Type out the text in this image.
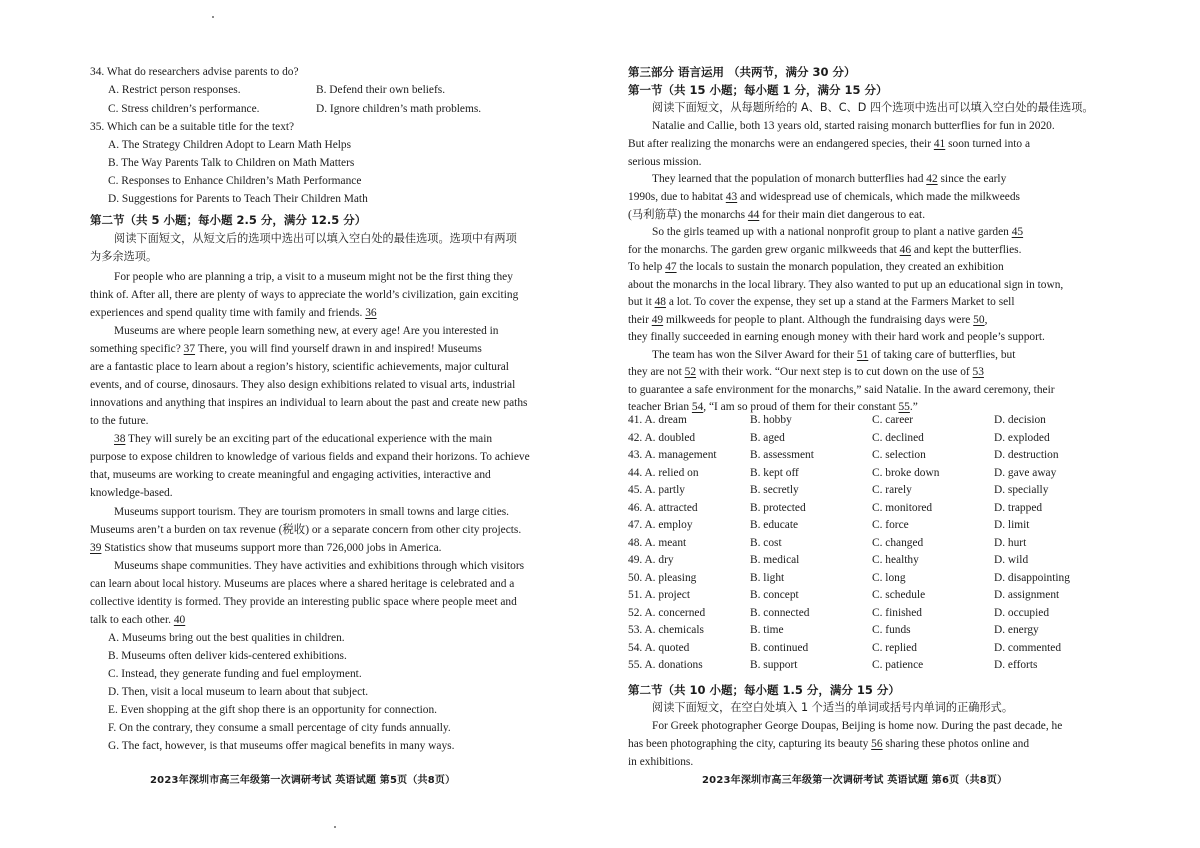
34. What do researchers advise parents to do?
A. Restrict person responses.	B. Defend their own beliefs.
C. Stress children’s performance.	D. Ignore children’s math problems.
35. Which can be a suitable title for the text?
A. The Strategy Children Adopt to Learn Math Helps
B. The Way Parents Talk to Children on Math Matters
C. Responses to Enhance Children’s Math Performance
D. Suggestions for Parents to Teach Their Children Math
第二节（共 5 小题；每小题 2.5 分，满分 12.5 分）
阅读下面短文，从短文后的选项中选出可以填入空白处的最佳选项。选项中有两项
为多余选项。
For people who are planning a trip, a visit to a museum might not be the first thing they
think of. After all, there are plenty of ways to appreciate the world’s civilization, gain exciting
experiences and spend quality time with family and friends. 36
Museums are where people learn something new, at every age! Are you interested in
something specific? 37 There, you will find yourself drawn in and inspired! Museums
are a fantastic place to learn about a region’s history, scientific achievements, major cultural
events, and of course, dinosaurs. They also design exhibitions related to visual arts, industrial
innovations and anything that inspires an individual to learn about the past and create new paths
to the future.
38 They will surely be an exciting part of the educational experience with the main
purpose to expose children to knowledge of various fields and expand their horizons. To achieve
that, museums are working to create meaningful and engaging activities, interactive and
knowledge-based.
Museums support tourism. They are tourism promoters in small towns and large cities.
Museums aren’t a burden on tax revenue (税收) or a separate concern from other city projects.
39 Statistics show that museums support more than 726,000 jobs in America.
Museums shape communities. They have activities and exhibitions through which visitors
can learn about local history. Museums are places where a shared heritage is celebrated and a
collective identity is formed. They provide an interesting public space where people meet and
talk to each other. 40
A. Museums bring out the best qualities in children.
B. Museums often deliver kids-centered exhibitions.
C. Instead, they generate funding and fuel employment.
D. Then, visit a local museum to learn about that subject.
E. Even shopping at the gift shop there is an opportunity for connection.
F. On the contrary, they consume a small percentage of city funds annually.
G. The fact, however, is that museums offer magical benefits in many ways.
2023年深圳市高三年级第一次调研考试 英语试题 第5页（共8页）
第三部分 语言运用 （共两节，满分 30 分）
第一节（共 15 小题；每小题 1 分，满分 15 分）
阅读下面短文，从每题所给的 A、B、C、D 四个选项中选出可以填入空白处的最佳选项。
Natalie and Callie, both 13 years old, started raising monarch butterflies for fun in 2020.
But after realizing the monarchs were an endangered species, their 41 soon turned into a
serious mission.
They learned that the population of monarch butterflies had 42 since the early
1990s, due to habitat 43 and widespread use of chemicals, which made the milkweeds
(马利筋草) the monarchs 44 for their main diet dangerous to eat.
So the girls teamed up with a national nonprofit group to plant a native garden 45
for the monarchs. The garden grew organic milkweeds that 46 and kept the butterflies.
To help 47 the locals to sustain the monarch population, they created an exhibition
about the monarchs in the local library. They also wanted to put up an educational sign in town,
but it 48 a lot. To cover the expense, they set up a stand at the Farmers Market to sell
their 49 milkweeds for people to plant. Although the fundraising days were 50,
they finally succeeded in earning enough money with their hard work and people’s support.
The team has won the Silver Award for their 51 of taking care of butterflies, but
they are not 52 with their work. “Our next step is to cut down on the use of 53
to guarantee a safe environment for the monarchs,” said Natalie. In the award ceremony, their
teacher Brian 54, “I am so proud of them for their constant 55.”
41. A. dream	B. hobby	C. career	D. decision
42. A. doubled	B. aged	C. declined	D. exploded
43. A. management	B. assessment	C. selection	D. destruction
44. A. relied on	B. kept off	C. broke down	D. gave away
45. A. partly	B. secretly	C. rarely	D. specially
46. A. attracted	B. protected	C. monitored	D. trapped
47. A. employ	B. educate	C. force	D. limit
48. A. meant	B. cost	C. changed	D. hurt
49. A. dry	B. medical	C. healthy	D. wild
50. A. pleasing	B. light	C. long	D. disappointing
51. A. project	B. concept	C. schedule	D. assignment
52. A. concerned	B. connected	C. finished	D. occupied
53. A. chemicals	B. time	C. funds	D. energy
54. A. quoted	B. continued	C. replied	D. commented
55. A. donations	B. support	C. patience	D. efforts
第二节（共 10 小题；每小题 1.5 分，满分 15 分）
阅读下面短文，在空白处填入 1 个适当的单词或括号内单词的正确形式。
For Greek photographer George Doupas, Beijing is home now. During the past decade, he
has been photographing the city, capturing its beauty 56 sharing these photos online and
in exhibitions.
2023年深圳市高三年级第一次调研考试 英语试题 第6页（共8页）
